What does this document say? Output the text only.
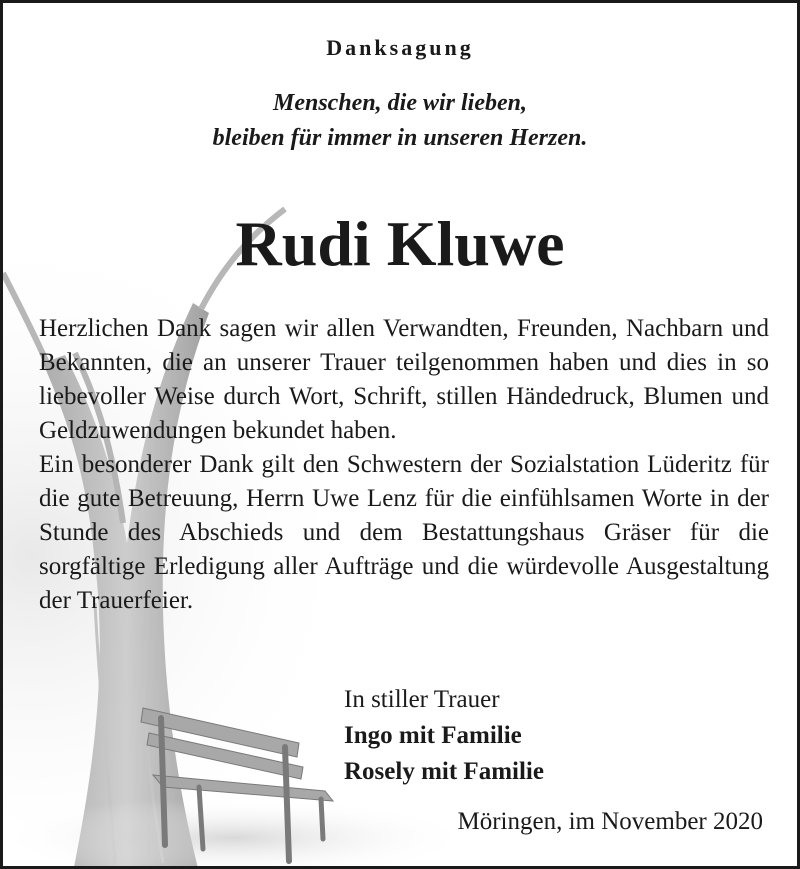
Danksagung
Menschen, die wir lieben,
bleiben für immer in unseren Herzen.
Rudi Kluwe

Herzlichen Dank sagen wir allen Verwandten, Freunden, Nachbarn und Bekannten, die an unserer Trauer teilgenommen haben und dies in so liebevoller Weise durch Wort, Schrift, stillen Händedruck, Blumen und Geldzuwendungen bekundet haben.

Ein besonderer Dank gilt den Schwestern der Sozialstation Lüderitz für die gute Betreuung, Herrn Uwe Lenz für die einfühlsamen Worte in der Stunde des Abschieds und dem Bestattungshaus Gräser für die sorgfältige Erledigung aller Aufträge und die würdevolle Ausgestaltung der Trauerfeier.

In stiller Trauer
Ingo mit Familie
Rosely mit Familie
Möringen, im November 2020
